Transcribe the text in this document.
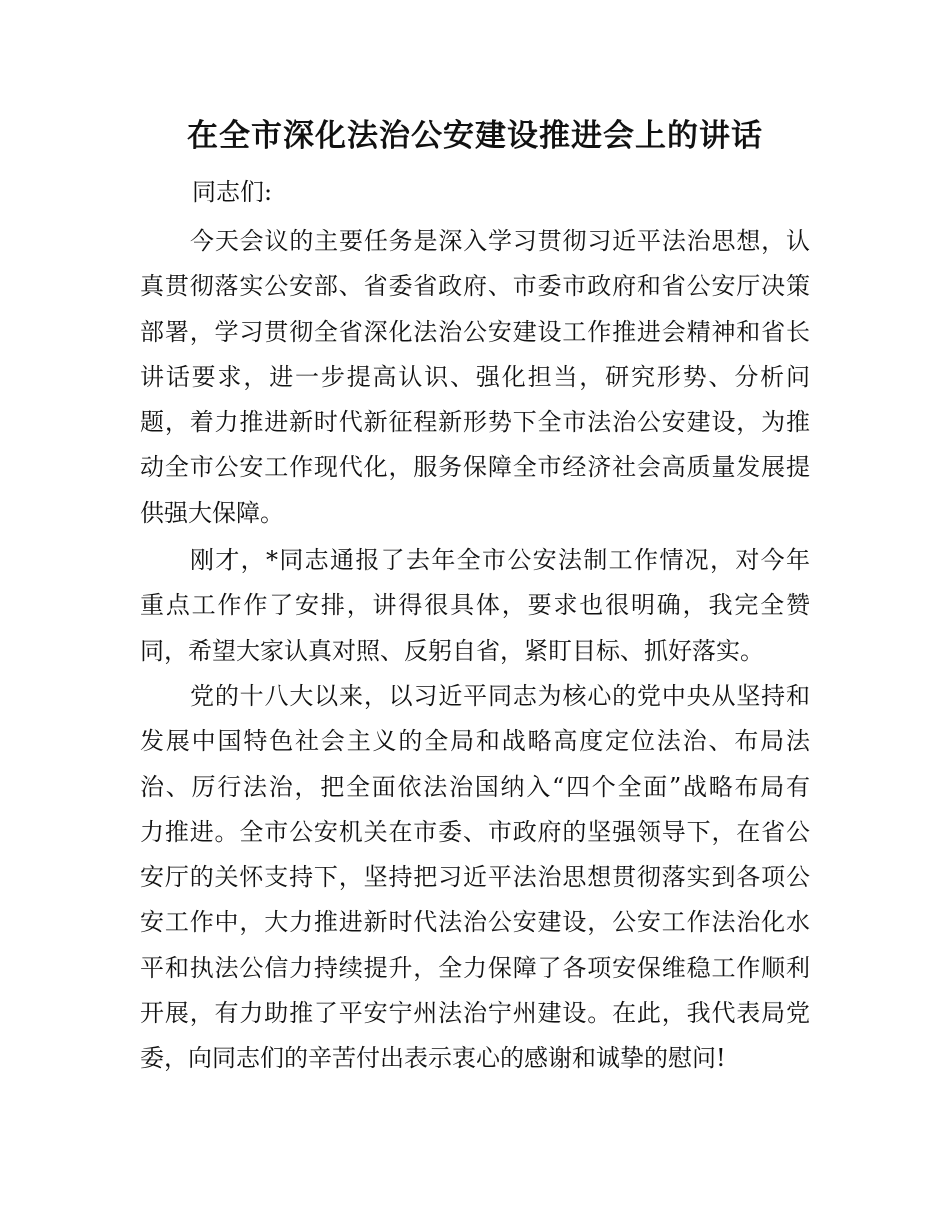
在全市深化法治公安建设推进会上的讲话

同志们:

今天会议的主要任务是深入学习贯彻习近平法治思想，认
真贯彻落实公安部、省委省政府、市委市政府和省公安厅决策
部署，学习贯彻全省深化法治公安建设工作推进会精神和省长
讲话要求，进一步提高认识、强化担当，研究形势、分析问
题，着力推进新时代新征程新形势下全市法治公安建设，为推
动全市公安工作现代化，服务保障全市经济社会高质量发展提
供强大保障。

刚才，*同志通报了去年全市公安法制工作情况，对今年
重点工作作了安排，讲得很具体，要求也很明确，我完全赞
同，希望大家认真对照、反躬自省，紧盯目标、抓好落实。

党的十八大以来，以习近平同志为核心的党中央从坚持和
发展中国特色社会主义的全局和战略高度定位法治、布局法
治、厉行法治，把全面依法治国纳入“四个全面”战略布局有
力推进。全市公安机关在市委、市政府的坚强领导下，在省公
安厅的关怀支持下，坚持把习近平法治思想贯彻落实到各项公
安工作中，大力推进新时代法治公安建设，公安工作法治化水
平和执法公信力持续提升，全力保障了各项安保维稳工作顺利
开展，有力助推了平安宁州法治宁州建设。在此，我代表局党
委，向同志们的辛苦付出表示衷心的感谢和诚挚的慰问!
